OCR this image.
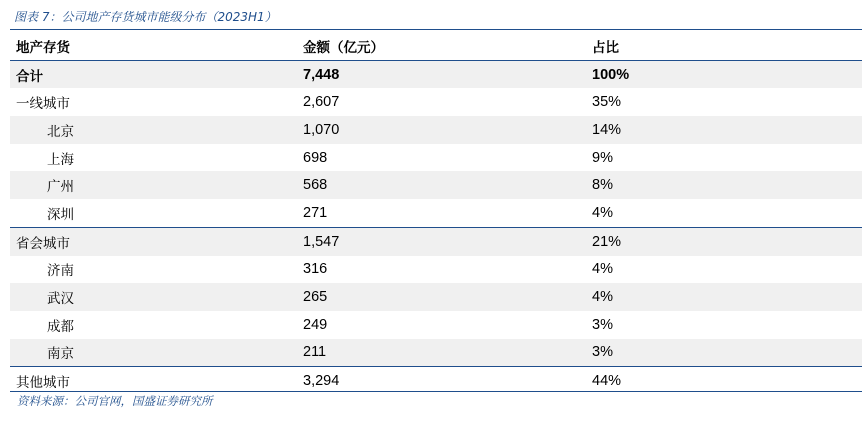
图表 7：公司地产存货城市能级分布（2023H1）
地产存货	金额（亿元）	占比
合计	7,448	100%
一线城市	2,607	35%
北京	1,070	14%
上海	698	9%
广州	568	8%
深圳	271	4%
省会城市	1,547	21%
济南	316	4%
武汉	265	4%
成都	249	3%
南京	211	3%
其他城市	3,294	44%
资料来源：公司官网，国盛证券研究所
